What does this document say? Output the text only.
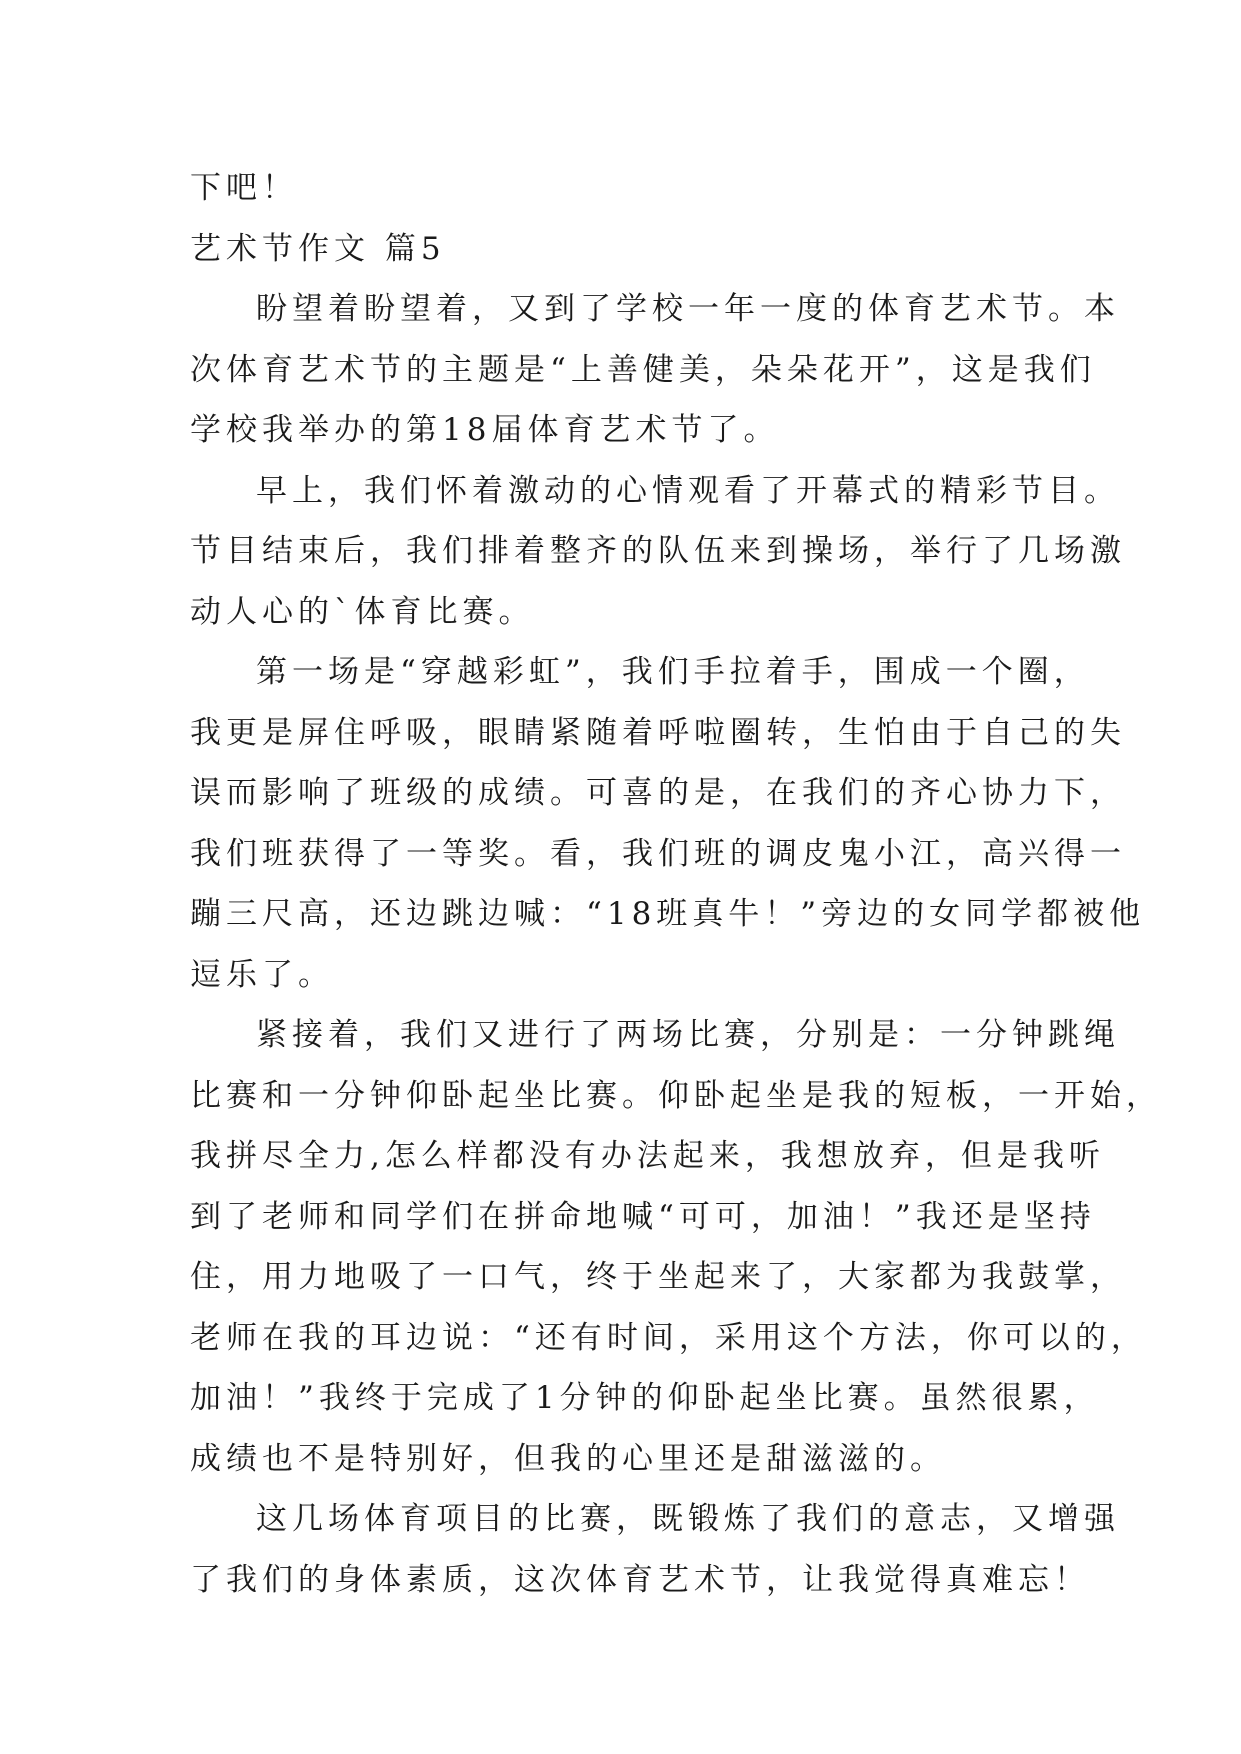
下吧！
艺术节作文 篇5
盼望着盼望着，又到了学校一年一度的体育艺术节。本
次体育艺术节的主题是“上善健美，朵朵花开”，这是我们
学校我举办的第18届体育艺术节了。
早上，我们怀着激动的心情观看了开幕式的精彩节目。
节目结束后，我们排着整齐的队伍来到操场，举行了几场激
动人心的`体育比赛。
第一场是“穿越彩虹”，我们手拉着手，围成一个圈，
我更是屏住呼吸，眼睛紧随着呼啦圈转，生怕由于自己的失
误而影响了班级的成绩。可喜的是，在我们的齐心协力下，
我们班获得了一等奖。看，我们班的调皮鬼小江，高兴得一
蹦三尺高，还边跳边喊：“18班真牛！”旁边的女同学都被他
逗乐了。
紧接着，我们又进行了两场比赛，分别是：一分钟跳绳
比赛和一分钟仰卧起坐比赛。仰卧起坐是我的短板，一开始，
我拼尽全力,怎么样都没有办法起来，我想放弃，但是我听
到了老师和同学们在拼命地喊“可可，加油！”我还是坚持
住，用力地吸了一口气，终于坐起来了，大家都为我鼓掌，
老师在我的耳边说：“还有时间，采用这个方法，你可以的，
加油！”我终于完成了1分钟的仰卧起坐比赛。虽然很累，
成绩也不是特别好，但我的心里还是甜滋滋的。
这几场体育项目的比赛，既锻炼了我们的意志，又增强
了我们的身体素质，这次体育艺术节，让我觉得真难忘！
